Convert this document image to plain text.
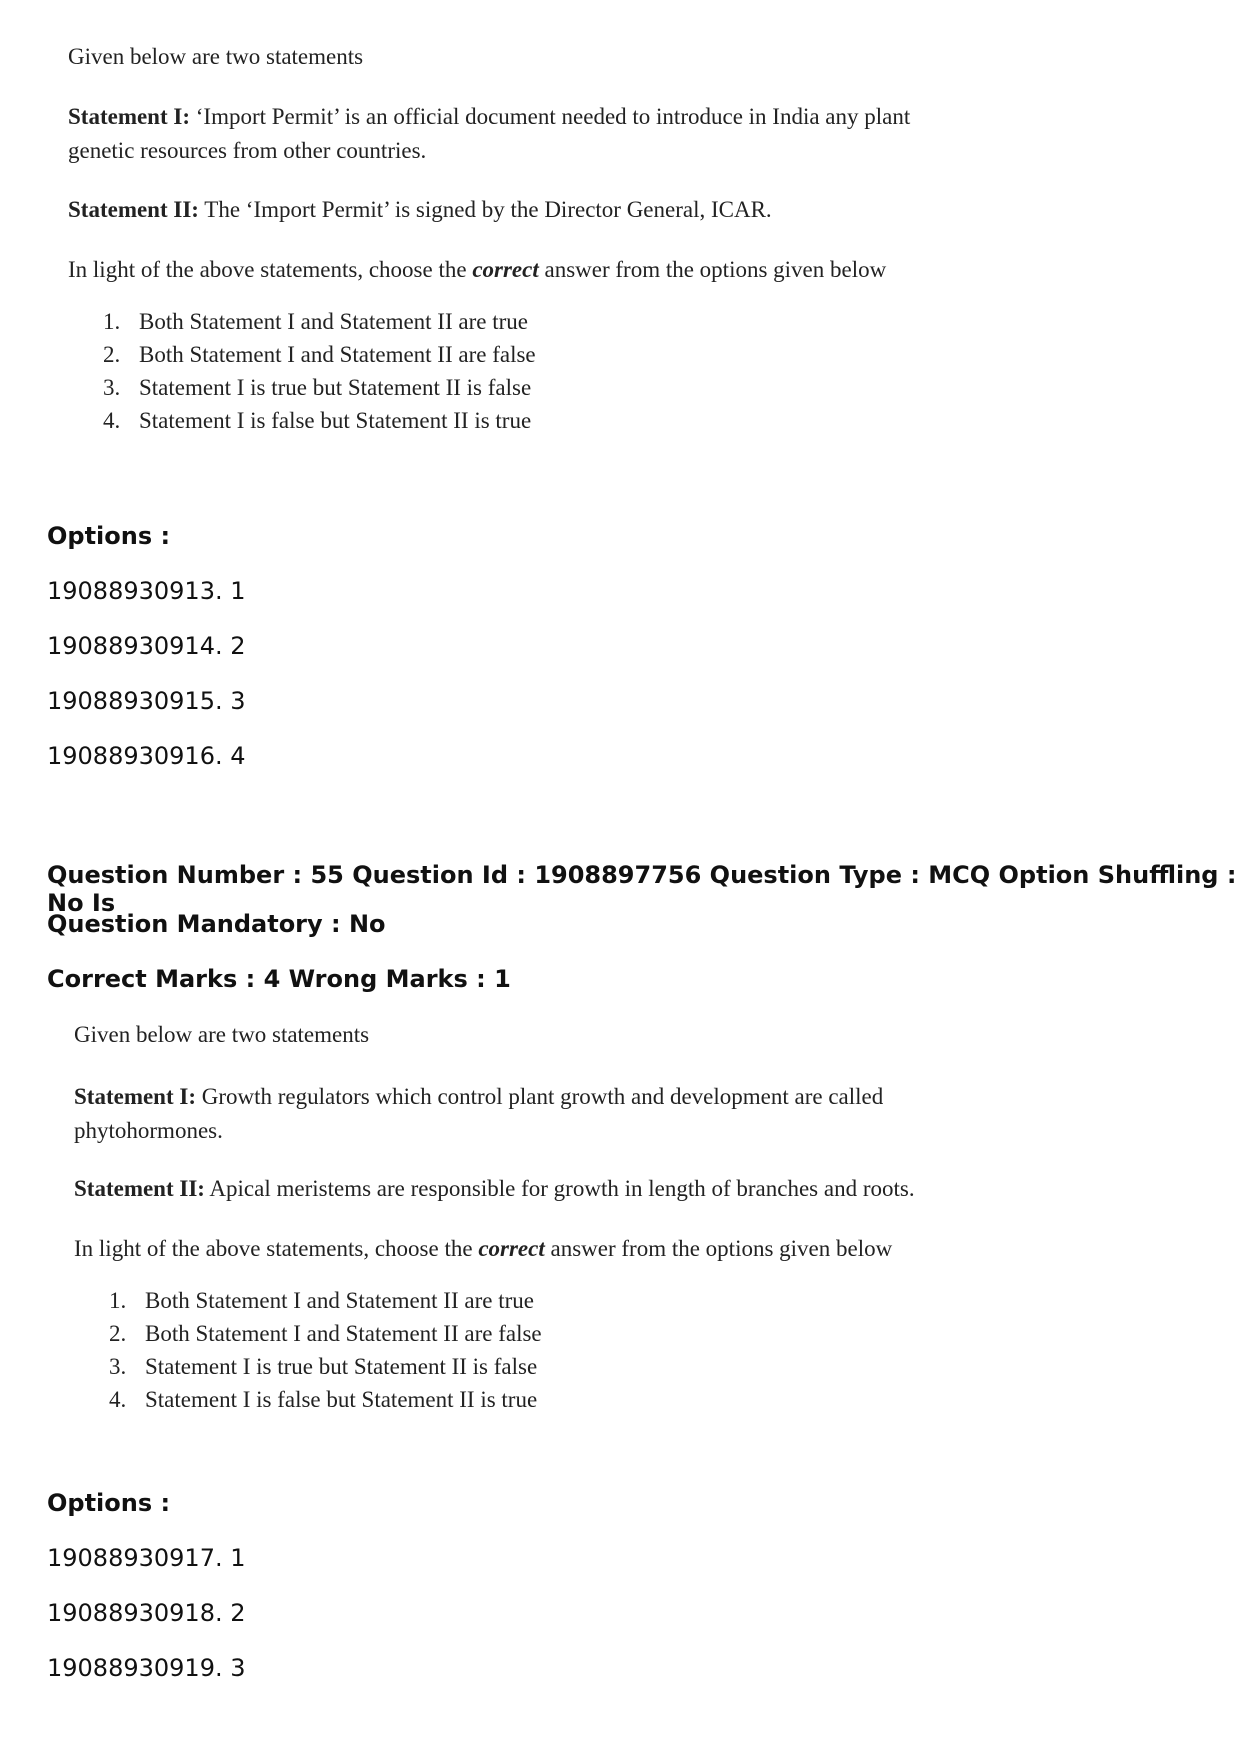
Given below are two statements

Statement I: ‘Import Permit’ is an official document needed to introduce in India any plant
genetic resources from other countries.

Statement II: The ‘Import Permit’ is signed by the Director General, ICAR.

In light of the above statements, choose the correct answer from the options given below

1. Both Statement I and Statement II are true
2. Both Statement I and Statement II are false
3. Statement I is true but Statement II is false
4. Statement I is false but Statement II is true

Options :

19088930913. 1

19088930914. 2

19088930915. 3

19088930916. 4

Question Number : 55 Question Id : 1908897756 Question Type : MCQ Option Shuffling : No Is

Question Mandatory : No

Correct Marks : 4 Wrong Marks : 1

Given below are two statements

Statement I: Growth regulators which control plant growth and development are called
phytohormones.

Statement II: Apical meristems are responsible for growth in length of branches and roots.

In light of the above statements, choose the correct answer from the options given below

1. Both Statement I and Statement II are true
2. Both Statement I and Statement II are false
3. Statement I is true but Statement II is false
4. Statement I is false but Statement II is true

Options :

19088930917. 1

19088930918. 2

19088930919. 3
